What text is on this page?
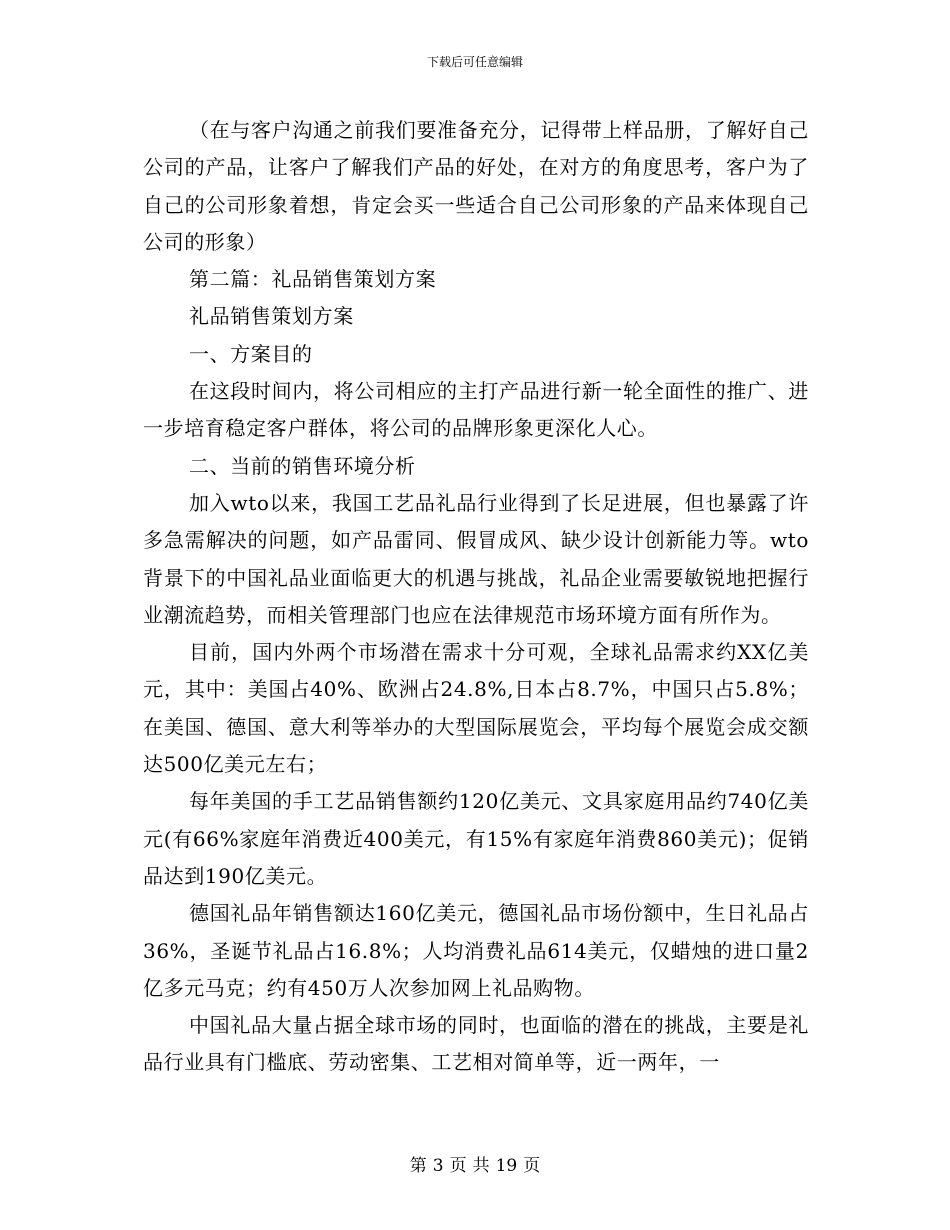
下载后可任意编辑

（在与客户沟通之前我们要准备充分，记得带上样品册，了解好自己公司的产品，让客户了解我们产品的好处，在对方的角度思考，客户为了自己的公司形象着想，肯定会买一些适合自己公司形象的产品来体现自己公司的形象）

第二篇：礼品销售策划方案

礼品销售策划方案

一、方案目的

在这段时间内，将公司相应的主打产品进行新一轮全面性的推广、进一步培育稳定客户群体，将公司的品牌形象更深化人心。

二、当前的销售环境分析

加入wto以来，我国工艺品礼品行业得到了长足进展，但也暴露了许多急需解决的问题，如产品雷同、假冒成风、缺少设计创新能力等。wto背景下的中国礼品业面临更大的机遇与挑战，礼品企业需要敏锐地把握行业潮流趋势，而相关管理部门也应在法律规范市场环境方面有所作为。

目前，国内外两个市场潜在需求十分可观，全球礼品需求约XX亿美元，其中：美国占40%、欧洲占24.8%,日本占8.7%，中国只占5.8%；在美国、德国、意大利等举办的大型国际展览会，平均每个展览会成交额达500亿美元左右；

每年美国的手工艺品销售额约120亿美元、文具家庭用品约740亿美元(有66%家庭年消费近400美元，有15%有家庭年消费860美元)；促销品达到190亿美元。

德国礼品年销售额达160亿美元，德国礼品市场份额中，生日礼品占36%，圣诞节礼品占16.8%；人均消费礼品614美元，仅蜡烛的进口量2亿多元马克；约有450万人次参加网上礼品购物。

中国礼品大量占据全球市场的同时，也面临的潜在的挑战，主要是礼品行业具有门槛底、劳动密集、工艺相对简单等，近一两年，一

第 3 页 共 19 页
